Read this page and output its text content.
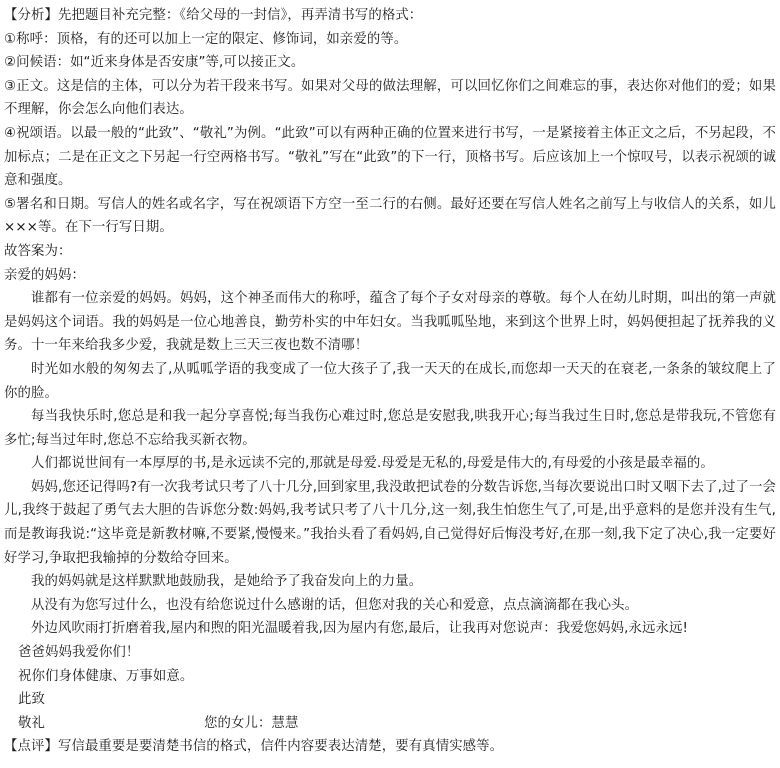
【分析】先把题目补充完整：《给父母的一封信》，再弄清书写的格式：

①称呼：顶格，有的还可以加上一定的限定、修饰词，如亲爱的等。

②问候语：如“近来身体是否安康”等,可以接正文。

③正文。这是信的主体，可以分为若干段来书写。如果对父母的做法理解，可以回忆你们之间难忘的事，表达你对他们的爱；如果不理解，你会怎么向他们表达。

④祝颂语。以最一般的“此致”、“敬礼”为例。“此致”可以有两种正确的位置来进行书写，一是紧接着主体正文之后，不另起段，不加标点；二是在正文之下另起一行空两格书写。“敬礼”写在“此致”的下一行，顶格书写。后应该加上一个惊叹号，以表示祝颂的诚意和强度。

⑤署名和日期。写信人的姓名或名字，写在祝颂语下方空一至二行的右侧。最好还要在写信人姓名之前写上与收信人的关系，如儿×××等。在下一行写日期。

故答案为：

亲爱的妈妈：

谁都有一位亲爱的妈妈。妈妈，这个神圣而伟大的称呼，蕴含了每个子女对母亲的尊敬。每个人在幼儿时期，叫出的第一声就是妈妈这个词语。我的妈妈是一位心地善良，勤劳朴实的中年妇女。当我呱呱坠地，来到这个世界上时，妈妈便担起了抚养我的义务。十一年来给我多少爱，我就是数上三天三夜也数不清哪！

时光如水般的匆匆去了,从呱呱学语的我变成了一位大孩子了,我一天天的在成长,而您却一天天的在衰老,一条条的皱纹爬上了你的脸。

每当我快乐时,您总是和我一起分享喜悦;每当我伤心难过时,您总是安慰我,哄我开心;每当我过生日时,您总是带我玩,不管您有多忙;每当过年时,您总不忘给我买新衣物。

人们都说世间有一本厚厚的书,是永远读不完的,那就是母爱.母爱是无私的,母爱是伟大的,有母爱的小孩是最幸福的。

妈妈,您还记得吗?有一次我考试只考了八十几分,回到家里,我没敢把试卷的分数告诉您,当每次要说出口时又咽下去了,过了一会儿,我终于鼓起了勇气去大胆的告诉您分数:妈妈,我考试只考了八十几分,这一刻,我生怕您生气了,可是,出乎意料的是您并没有生气,而是教诲我说:“这毕竟是新教材嘛,不要紧,慢慢来。”我抬头看了看妈妈,自己觉得好后悔没考好,在那一刻,我下定了决心,我一定要好好学习,争取把我输掉的分数给夺回来。

我的妈妈就是这样默默地鼓励我，是她给予了我奋发向上的力量。

从没有为您写过什么，也没有给您说过什么感谢的话，但您对我的关心和爱意，点点滴滴都在我心头。

外边风吹雨打折磨着我,屋内和煦的阳光温暖着我,因为屋内有您,最后，让我再对您说声：我爱您妈妈,永远永远!

爸爸妈妈我爱你们！

祝你们身体健康、万事如意。

此致

敬礼	您的女儿：慧慧

【点评】写信最重要是要清楚书信的格式，信件内容要表达清楚，要有真情实感等。
